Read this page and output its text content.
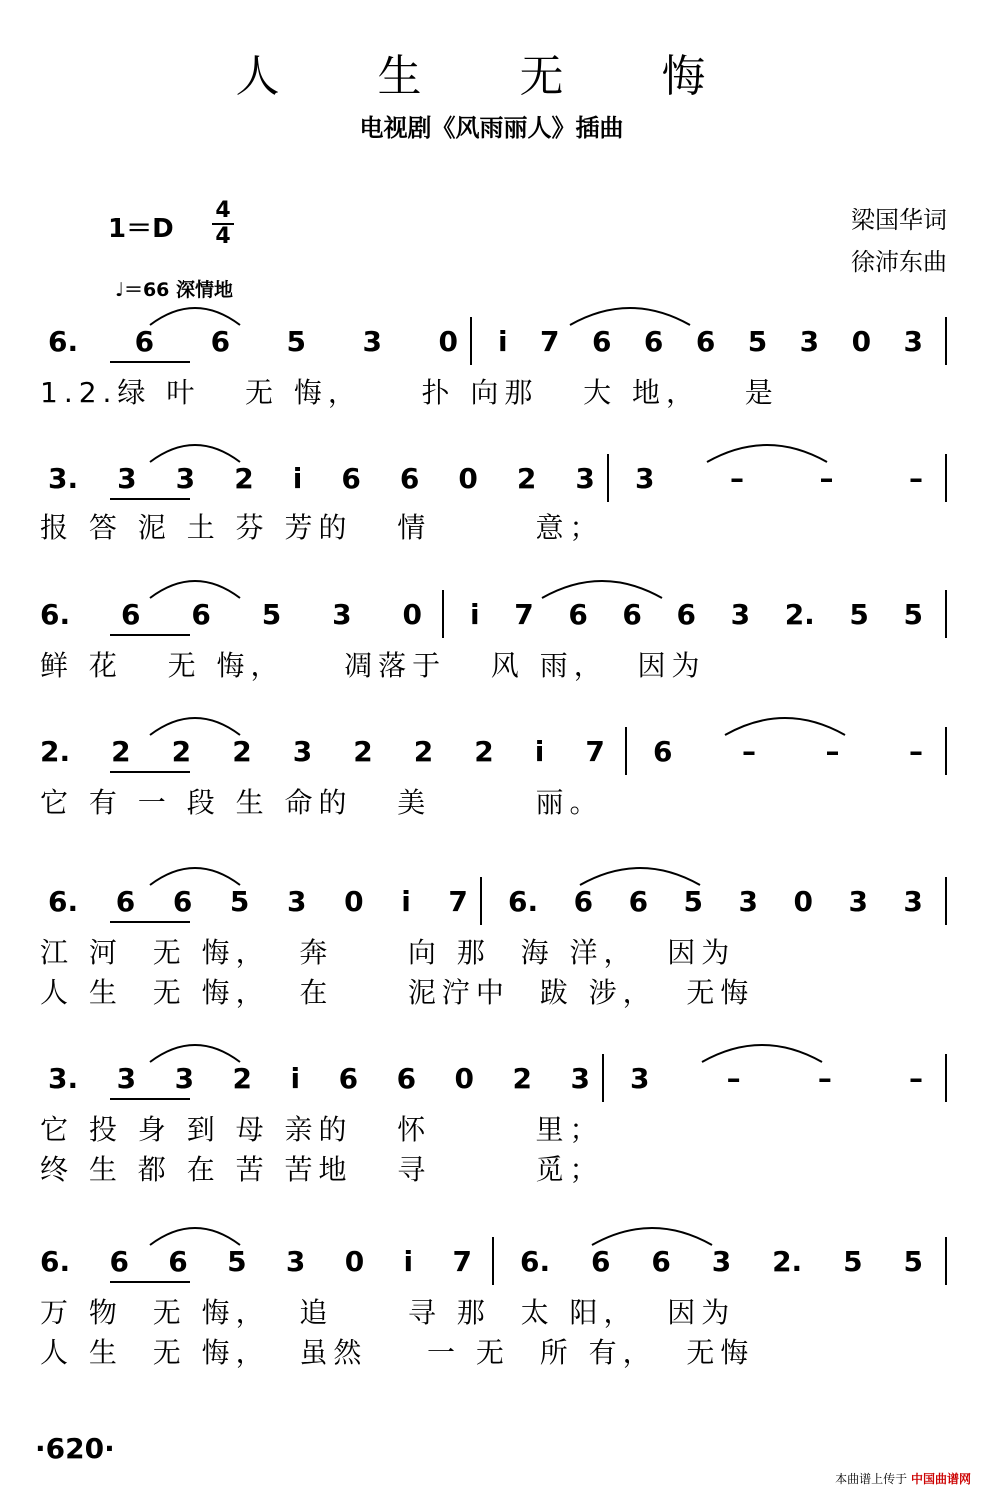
人 生 无 悔
电视剧《风雨丽人》插曲
1＝D
4
4
♩＝66 深情地
梁国华词
徐沛东曲
6. 6 6 5 3 0 i 7 6 6 6 5 3 0 3
1.2.绿 叶   无 悔，    扑 向那   大 地，   是
3. 3 3 2 i 6 6 0 2 3 3	–	–	–
报 答 泥 土 芬 芳的   情       意；
6. 6 6 5 3 0 i 7 6 6 6 3 2. 5 5
鲜 花   无 悔，    凋落于   风 雨，  因为
2. 2 2 2 3 2 2 2 i 7 6 – – –
它 有 一 段 生 命的   美       丽。
6. 6 6 5 3 0 i 7 6. 6 6 5 3 0 3 3
江 河  无 悔，  奔     向 那  海 洋，  因为
人 生  无 悔，  在     泥泞中  跋 涉，  无悔
3. 3 3 2 i 6 6 0 2 3 3	–	–	–
它 投 身 到 母 亲的   怀       里；
终 生 都 在 苦 苦地   寻       觅；
6. 6 6 5 3 0 i 7 6. 6 6 3 2. 5 5
万 物  无 悔，  追     寻 那  太 阳，  因为
人 生  无 悔，  虽然    一 无  所 有，  无悔
·620·
本曲谱上传于 中国曲谱网
